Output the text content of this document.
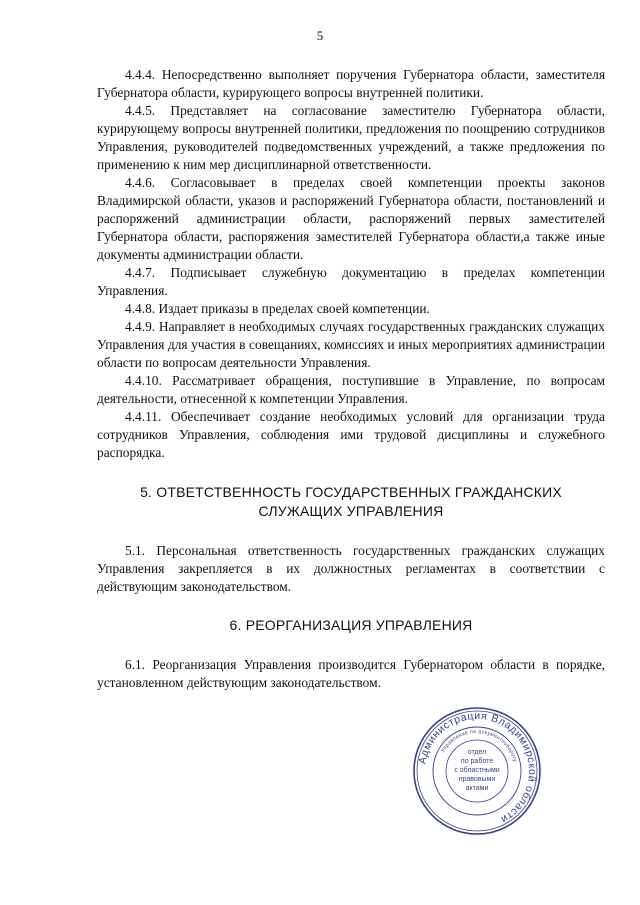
5

4.4.4. Непосредственно выполняет поручения Губернатора области, заместителя Губернатора области, курирующего вопросы внутренней политики.

4.4.5. Представляет на согласование заместителю Губернатора области, курирующему вопросы внутренней политики, предложения по поощрению сотрудников Управления, руководителей подведомственных учреждений, а также предложения по применению к ним мер дисциплинарной ответственности.

4.4.6. Согласовывает в пределах своей компетенции проекты законов Владимирской области, указов и распоряжений Губернатора области, постановлений и распоряжений администрации области, распоряжений первых заместителей Губернатора области, распоряжения заместителей Губернатора области,а также иные документы администрации области.

4.4.7. Подписывает служебную документацию в пределах компетенции Управления.

4.4.8. Издает приказы в пределах своей компетенции.

4.4.9. Направляет в необходимых случаях государственных гражданских служащих Управления для участия в совещаниях, комиссиях и иных мероприятиях администрации области по вопросам деятельности Управления.

4.4.10. Рассматривает обращения, поступившие в Управление, по вопросам деятельности, отнесенной к компетенции Управления.

4.4.11. Обеспечивает создание необходимых условий для организации труда сотрудников Управления, соблюдения ими трудовой дисциплины и служебного распорядка.

5. ОТВЕТСТВЕННОСТЬ ГОСУДАРСТВЕННЫХ ГРАЖДАНСКИХ
СЛУЖАЩИХ УПРАВЛЕНИЯ

5.1. Персональная ответственность государственных гражданских служащих Управления закрепляется в их должностных регламентах в соответствии с действующим законодательством.

6. РЕОРГАНИЗАЦИЯ УПРАВЛЕНИЯ

6.1. Реорганизация Управления производится Губернатором области в порядке, установленном действующим законодательством.

Администрация Владимирской области
Управление по документообороту
отдел
по работе
с областными
правовыми
актами
